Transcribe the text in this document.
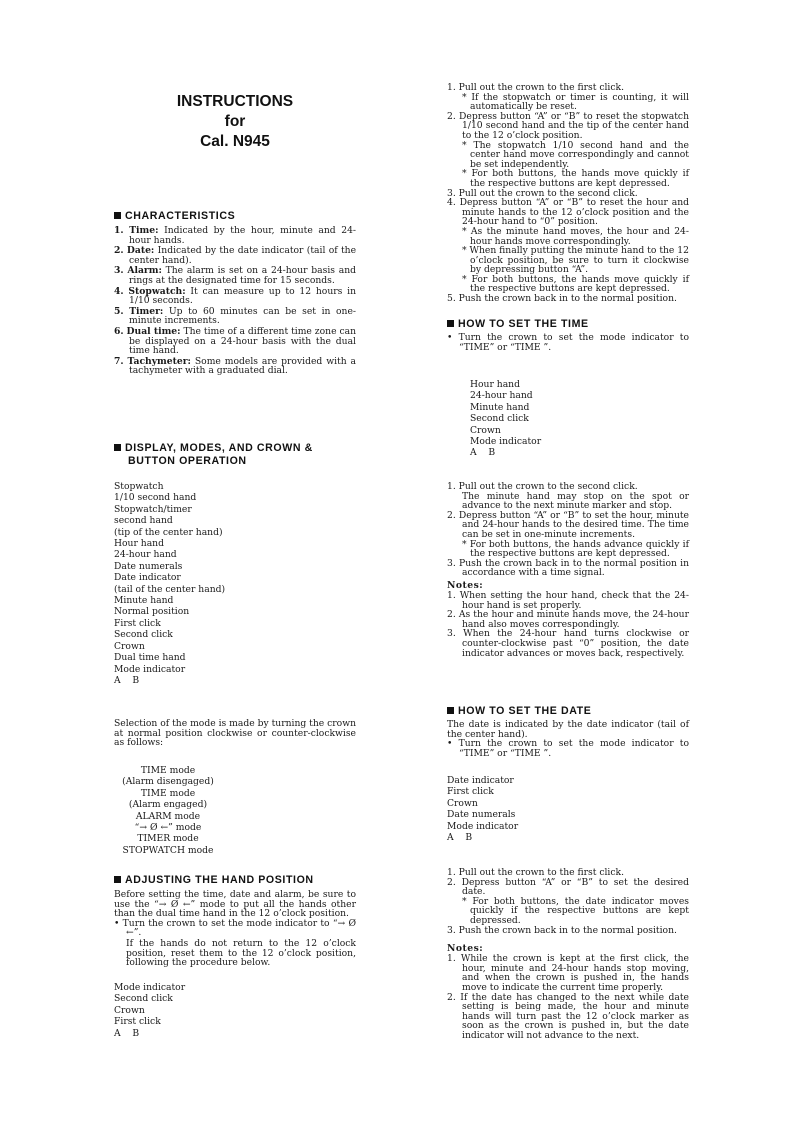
INSTRUCTIONS
for
Cal. N945
CHARACTERISTICS
1. Time: Indicated by the hour, minute and 24-hour hands.
2. Date: Indicated by the date indicator (tail of the center hand).
3. Alarm: The alarm is set on a 24-hour basis and rings at the designated time for 15 seconds.
4. Stopwatch: It can measure up to 12 hours in 1/10 seconds.
5. Timer: Up to 60 minutes can be set in one-minute increments.
6. Dual time: The time of a different time zone can be displayed on a 24-hour basis with the dual time hand.
7. Tachymeter: Some models are provided with a tachymeter with a graduated dial.
DISPLAY, MODES, AND CROWN &
BUTTON OPERATION
Stopwatch
1/10 second hand
Stopwatch/timer
second hand
(tip of the center hand)
Hour hand
24-hour hand
Date numerals
Date indicator
(tail of the center hand)
Minute hand
Normal position
First click
Second click
Crown
Dual time hand
Mode indicator
A    B
Selection of the mode is made by turning the crown at normal position clockwise or counter-clockwise as follows:
TIME mode
(Alarm disengaged)
TIME mode
(Alarm engaged)
ALARM mode
“→ Ø ←” mode
TIMER mode
STOPWATCH mode
ADJUSTING THE HAND POSITION
Before setting the time, date and alarm, be sure to use the “→ Ø ←” mode to put all the hands other than the dual time hand in the 12 o’clock position.
• Turn the crown to set the mode indicator to “→ Ø ←”.
If the hands do not return to the 12 o’clock position, reset them to the 12 o’clock position, following the procedure below.
Mode indicator
Second click
Crown
First click
A    B
1. Pull out the crown to the first click.
* If the stopwatch or timer is counting, it will automatically be reset.
2. Depress button “A” or “B” to reset the stopwatch 1/10 second hand and the tip of the center hand to the 12 o’clock position.
* The stopwatch 1/10 second hand and the center hand move correspondingly and cannot be set independently.
* For both buttons, the hands move quickly if the respective buttons are kept depressed.
3. Pull out the crown to the second click.
4. Depress button “A” or “B” to reset the hour and minute hands to the 12 o’clock position and the 24-hour hand to “0” position.
* As the minute hand moves, the hour and 24-hour hands move correspondingly.
* When finally putting the minute hand to the 12 o’clock position, be sure to turn it clockwise by depressing button “A”.
* For both buttons, the hands move quickly if the respective buttons are kept depressed.
5. Push the crown back in to the normal position.
HOW TO SET THE TIME
• Turn the crown to set the mode indicator to “TIME” or “TIME ”.
Hour hand
24-hour hand
Minute hand
Second click
Crown
Mode indicator
A    B
1. Pull out the crown to the second click.
The minute hand may stop on the spot or advance to the next minute marker and stop.
2. Depress button “A” or “B” to set the hour, minute and 24-hour hands to the desired time. The time can be set in one-minute increments.
* For both buttons, the hands advance quickly if the respective buttons are kept depressed.
3. Push the crown back in to the normal position in accordance with a time signal.
Notes:
1. When setting the hour hand, check that the 24-hour hand is set properly.
2. As the hour and minute hands move, the 24-hour hand also moves correspondingly.
3. When the 24-hour hand turns clockwise or counter-clockwise past “0” position, the date indicator advances or moves back, respectively.
HOW TO SET THE DATE
The date is indicated by the date indicator (tail of the center hand).
• Turn the crown to set the mode indicator to “TIME” or “TIME ”.
Date indicator
First click
Crown
Date numerals
Mode indicator
A    B
1. Pull out the crown to the first click.
2. Depress button “A” or “B” to set the desired date.
* For both buttons, the date indicator moves quickly if the respective buttons are kept depressed.
3. Push the crown back in to the normal position.
Notes:
1. While the crown is kept at the first click, the hour, minute and 24-hour hands stop moving, and when the crown is pushed in, the hands move to indicate the current time properly.
2. If the date has changed to the next while date setting is being made, the hour and minute hands will turn past the 12 o’clock marker as soon as the crown is pushed in, but the date indicator will not advance to the next.
